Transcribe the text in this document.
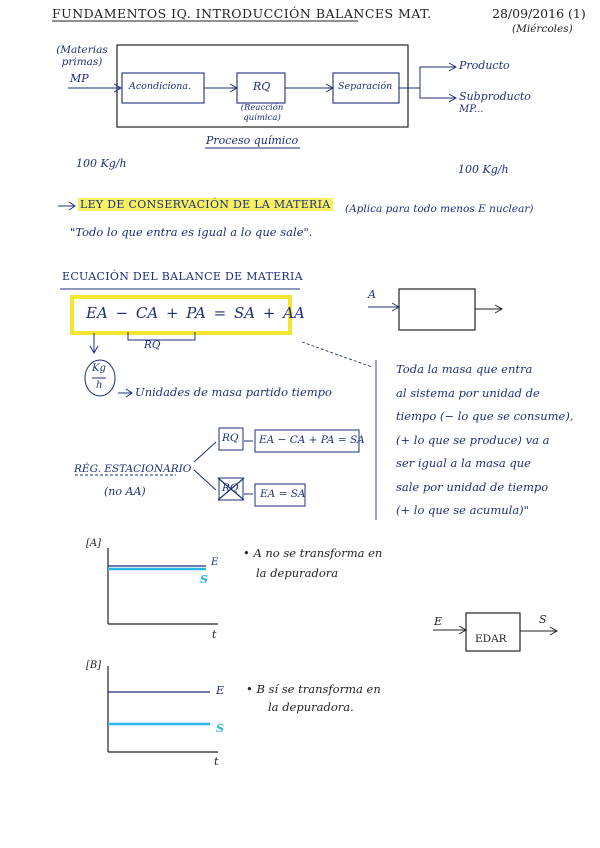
FUNDAMENTOS IQ. INTRODUCCIÓN BALANCES MAT.	28/09/2016 (1)
(Miércoles)
(Materias primas)
MP
Acondiciona.	RQ
(Reacción química)
Separación
Producto
Subproducto
MP...
Proceso químico
100 Kg/h	100 Kg/h
LEY DE CONSERVACIÓN DE LA MATERIA (Aplica para todo menos E nuclear)
"Todo lo que entra es igual a lo que sale".
ECUACIÓN DEL BALANCE DE MATERIA
EA − CA + PA = SA + AA
RQ
Kg
h	Unidades de masa partido tiempo
A
Toda la masa que entra
al sistema por unidad de
tiempo (− lo que se consume),
(+ lo que se produce) va a
ser igual a la masa que
sale por unidad de tiempo
(+ lo que se acumula)"
RÉG. ESTACIONARIO
(no AA)
RQ EA − CA + PA = SA
RQ EA = SA
[A]
E
S
t
• A no se transforma en
la depuradora
[B]
E
S
t
• B sí se transforma en
la depuradora.
E
EDAR
S
